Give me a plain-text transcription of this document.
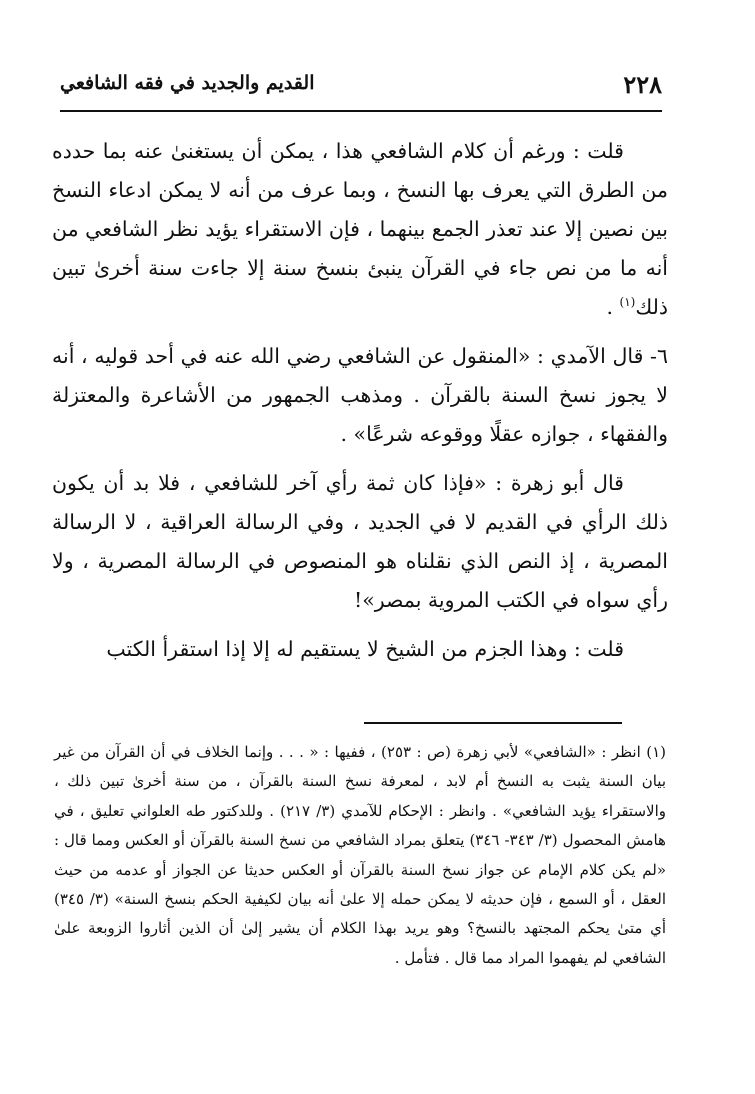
٢٢٨
القديم والجديد في فقه الشافعي

قلت : ورغم أن كلام الشافعي هذا ، يمكن أن يستغنىٰ عنه بما حدده من الطرق التي يعرف بها النسخ ، وبما عرف من أنه لا يمكن ادعاء النسخ بين نصين إلا عند تعذر الجمع بينهما ، فإن الاستقراء يؤيد نظر الشافعي من أنه ما من نص جاء في القرآن ينبئ بنسخ سنة إلا جاءت سنة أخرىٰ تبين ذلك$^{(١)}$ .

٦- قال الآمدي : «المنقول عن الشافعي رضي الله عنه في أحد قوليه ، أنه لا يجوز نسخ السنة بالقرآن . ومذهب الجمهور من الأشاعرة والمعتزلة والفقهاء ، جوازه عقلًا ووقوعه شرعًا» .

قال أبو زهرة : «فإذا كان ثمة رأي آخر للشافعي ، فلا بد أن يكون ذلك الرأي في القديم لا في الجديد ، وفي الرسالة العراقية ، لا الرسالة المصرية ، إذ النص الذي نقلناه هو المنصوص في الرسالة المصرية ، ولا رأي سواه في الكتب المروية بمصر»!

قلت : وهذا الجزم من الشيخ لا يستقيم له إلا إذا استقرأ الكتب

(١) انظر : «الشافعي» لأبي زهرة (ص : ٢٥٣) ، ففيها : « . . . وإنما الخلاف في أن القرآن من غير بيان السنة يثبت به النسخ أم لابد ، لمعرفة نسخ السنة بالقرآن ، من سنة أخرىٰ تبين ذلك ، والاستقراء يؤيد الشافعي» . وانظر : الإحكام للآمدي (٣/ ٢١٧) . وللدكتور طه العلواني تعليق ، في هامش المحصول (٣/ ٣٤٣- ٣٤٦) يتعلق بمراد الشافعي من نسخ السنة بالقرآن أو العكس ومما قال : «لم يكن كلام الإمام عن جواز نسخ السنة بالقرآن أو العكس حديثا عن الجواز أو عدمه من حيث العقل ، أو السمع ، فإن حديثه لا يمكن حمله إلا علىٰ أنه بيان لكيفية الحكم بنسخ السنة» (٣/ ٣٤٥) أي متىٰ يحكم المجتهد بالنسخ؟ وهو يريد بهذا الكلام أن يشير إلىٰ أن الذين أثاروا الزوبعة علىٰ الشافعي لم يفهموا المراد مما قال . فتأمل .
